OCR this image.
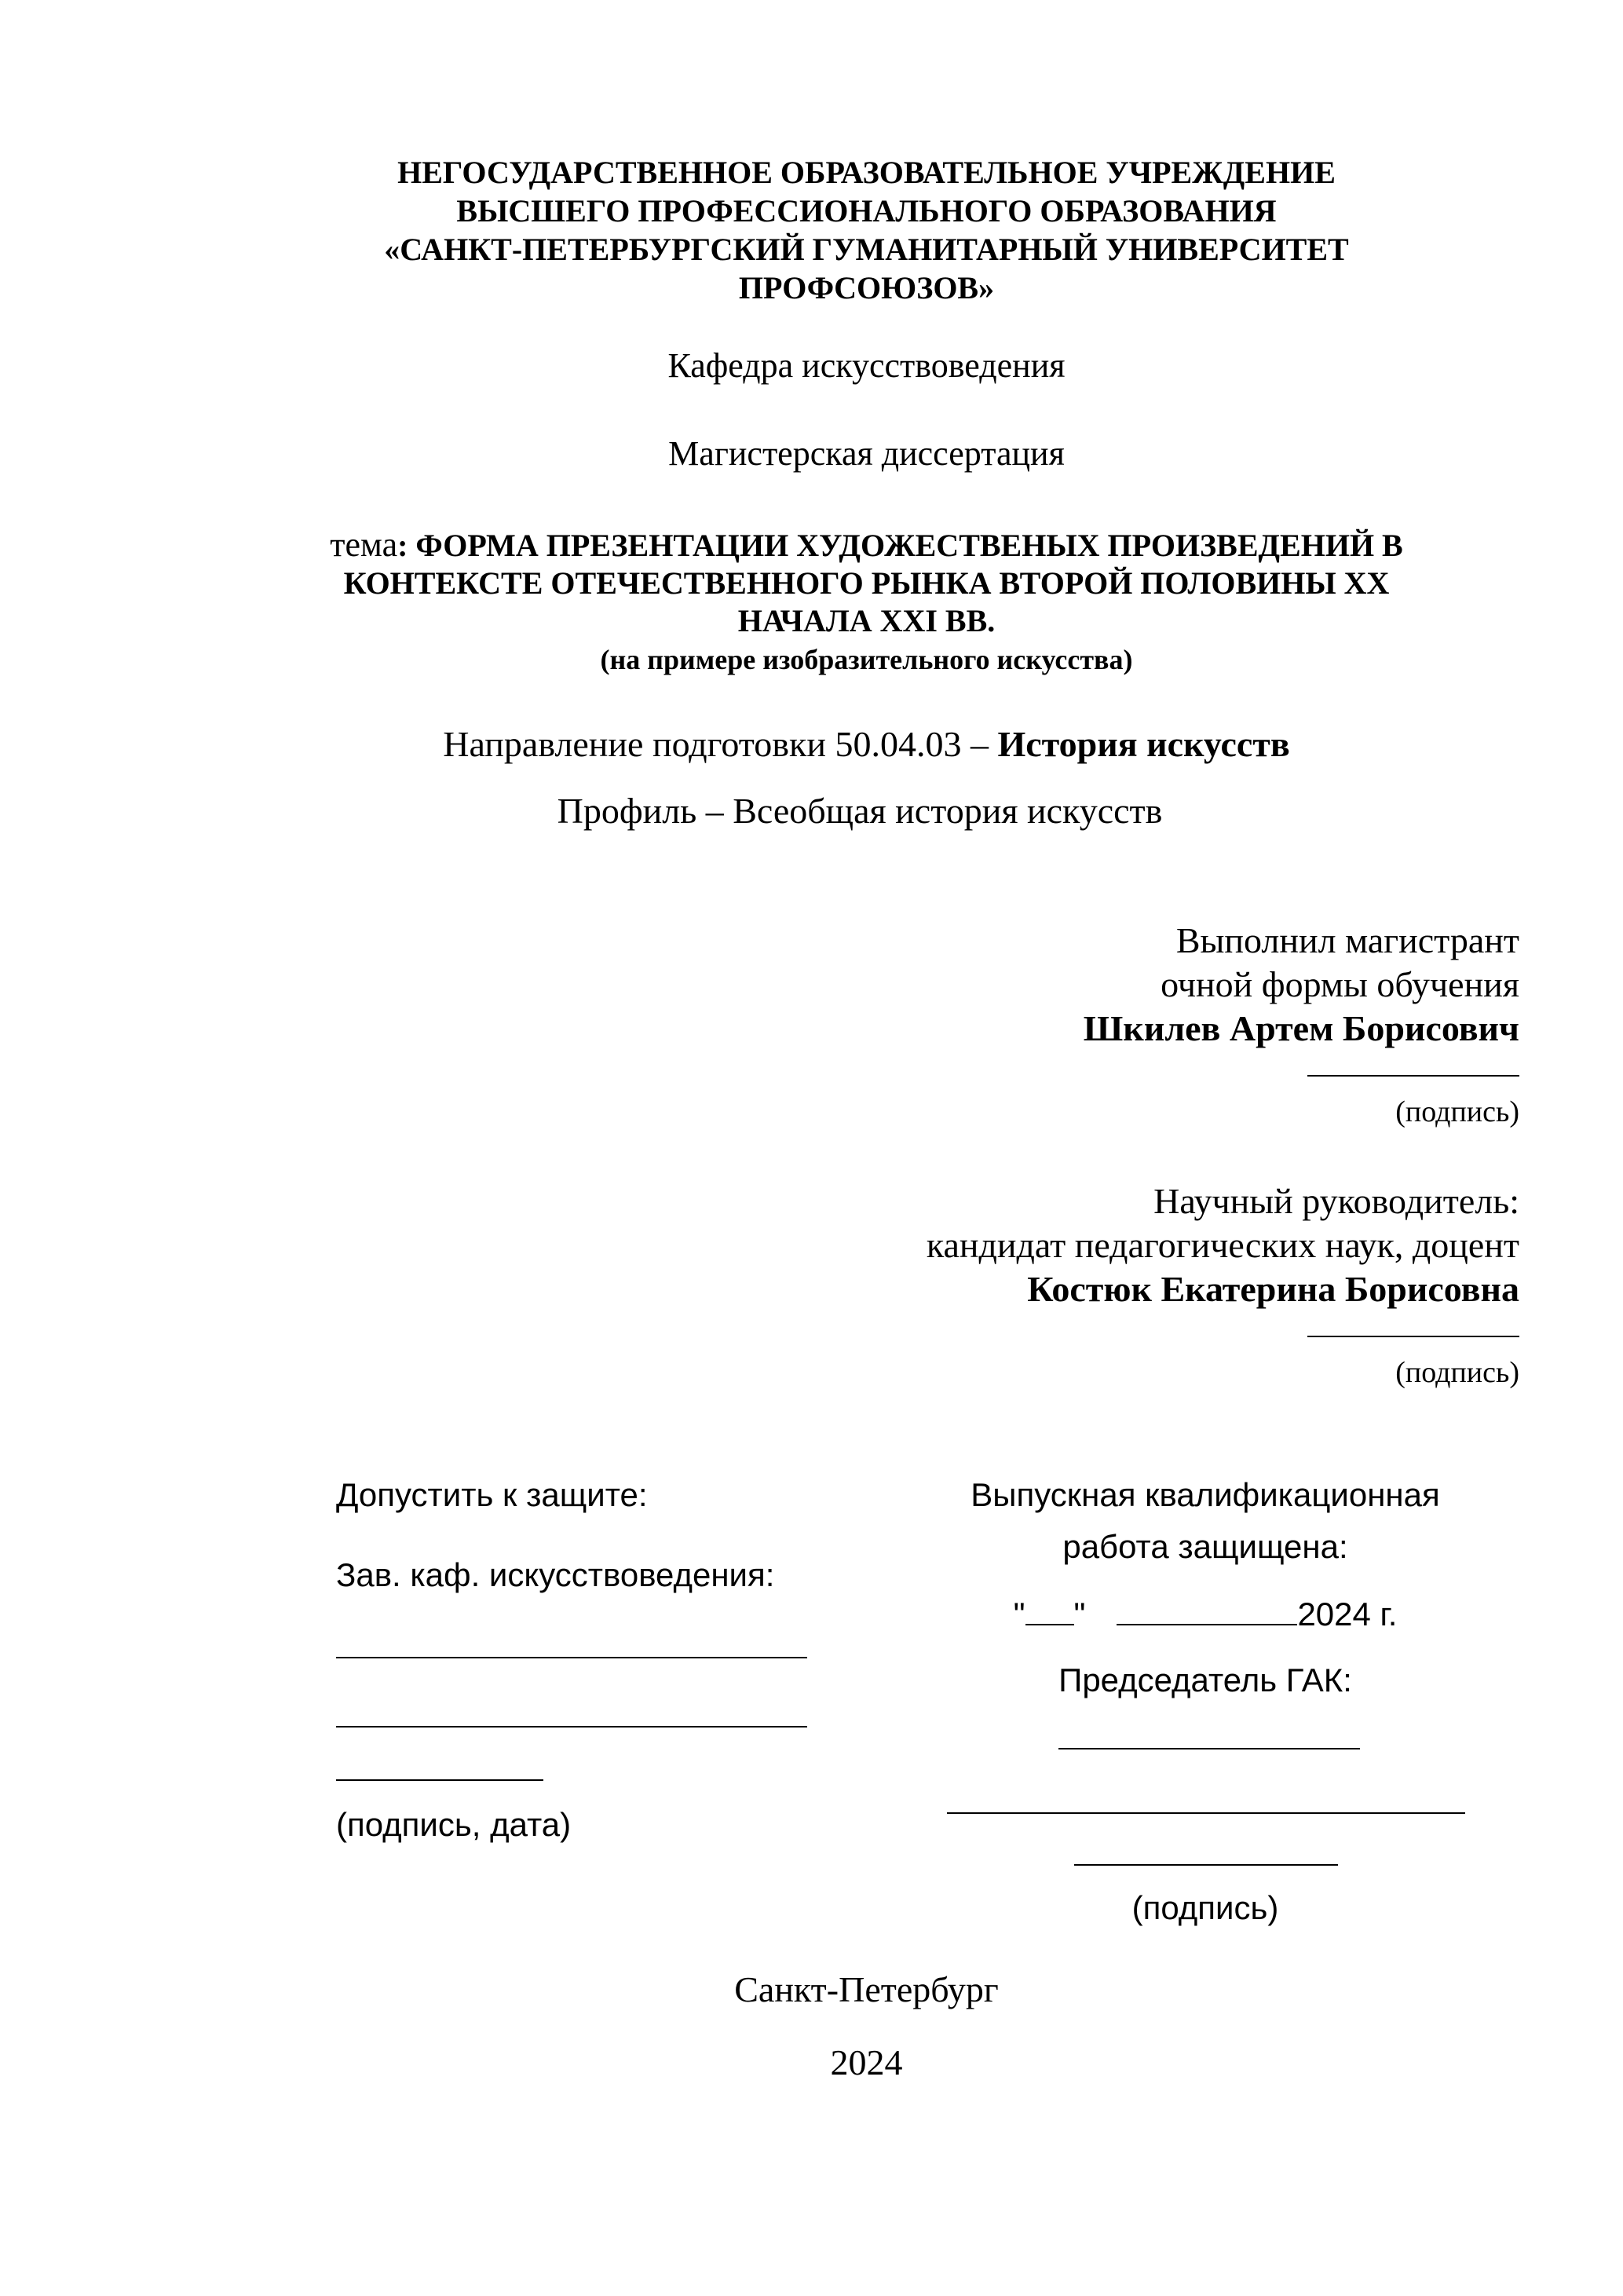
НЕГОСУДАРСТВЕННОЕ ОБРАЗОВАТЕЛЬНОЕ УЧРЕЖДЕНИЕ
ВЫСШЕГО ПРОФЕССИОНАЛЬНОГО ОБРАЗОВАНИЯ
«САНКТ-ПЕТЕРБУРГСКИЙ ГУМАНИТАРНЫЙ УНИВЕРСИТЕТ
ПРОФСОЮЗОВ»
Кафедра искусствоведения
Магистерская диссертация
тема: ФОРМА ПРЕЗЕНТАЦИИ ХУДОЖЕСТВЕНЫХ ПРОИЗВЕДЕНИЙ В
КОНТЕКСТЕ ОТЕЧЕСТВЕННОГО РЫНКА ВТОРОЙ ПОЛОВИНЫ XX
НАЧАЛА XXI ВВ.
(на примере изобразительного искусства)
Направление подготовки 50.04.03 – История искусств
Профиль – Всеобщая история искусств
Выполнил магистрант
очной формы обучения
Шкилев Артем Борисович
(подпись)
Научный руководитель:
кандидат педагогических наук, доцент
Костюк Екатерина Борисовна
(подпись)
Допустить к защите:
Зав. каф. искусствоведения:
(подпись, дата)
Выпускная квалификационная
работа защищена:
" "	2024 г.
Председатель ГАК:
(подпись)
Санкт-Петербург
2024
